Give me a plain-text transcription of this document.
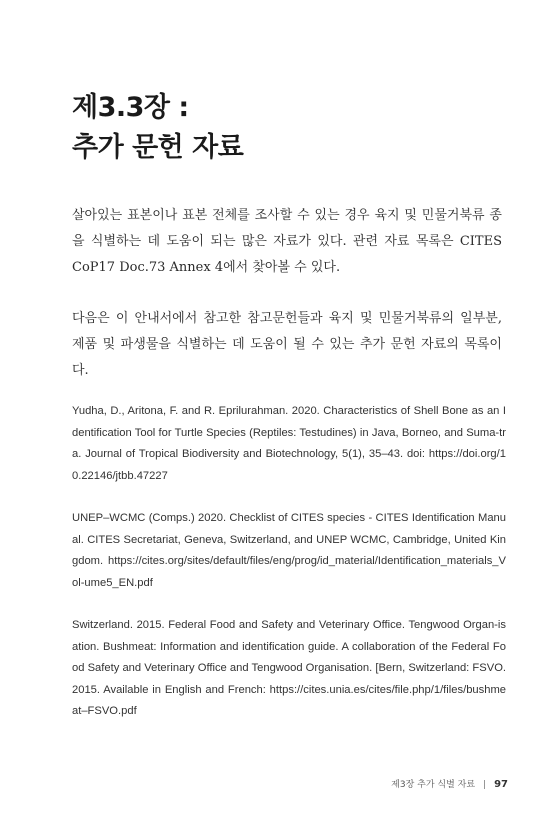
제3.3장 :
추가 문헌 자료

살아있는 표본이나 표본 전체를 조사할 수 있는 경우 육지 및 민물거북류 종을 식별하는 데 도움이 되는 많은 자료가 있다. 관련 자료 목록은 CITES CoP17 Doc.73 Annex 4에서 찾아볼 수 있다.

다음은 이 안내서에서 참고한 참고문헌들과 육지 및 민물거북류의 일부분, 제품 및 파생물을 식별하는 데 도움이 될 수 있는 추가 문헌 자료의 목록이다.

Yudha, D., Aritona, F. and R. Eprilurahman. 2020. Characteristics of Shell Bone as an Identification Tool for Turtle Species (Reptiles: Testudines) in Java, Borneo, and Suma-tra. Journal of Tropical Biodiversity and Biotechnology, 5(1), 35–43. doi: https://doi.org/10.22146/jtbb.47227

UNEP–WCMC (Comps.) 2020. Checklist of CITES species - CITES Identification Manual. CITES Secretariat, Geneva, Switzerland, and UNEP WCMC, Cambridge, United Kingdom. https://cites.org/sites/default/files/eng/prog/id_material/Identification_materials_Vol-ume5_EN.pdf

Switzerland. 2015. Federal Food and Safety and Veterinary Office. Tengwood Organ-isation. Bushmeat: Information and identification guide. A collaboration of the Federal Food Safety and Veterinary Office and Tengwood Organisation. [Bern, Switzerland: FSVO. 2015. Available in English and French: https://cites.unia.es/cites/file.php/1/files/bushmeat–FSVO.pdf

제3장 추가 식별 자료 | 97
